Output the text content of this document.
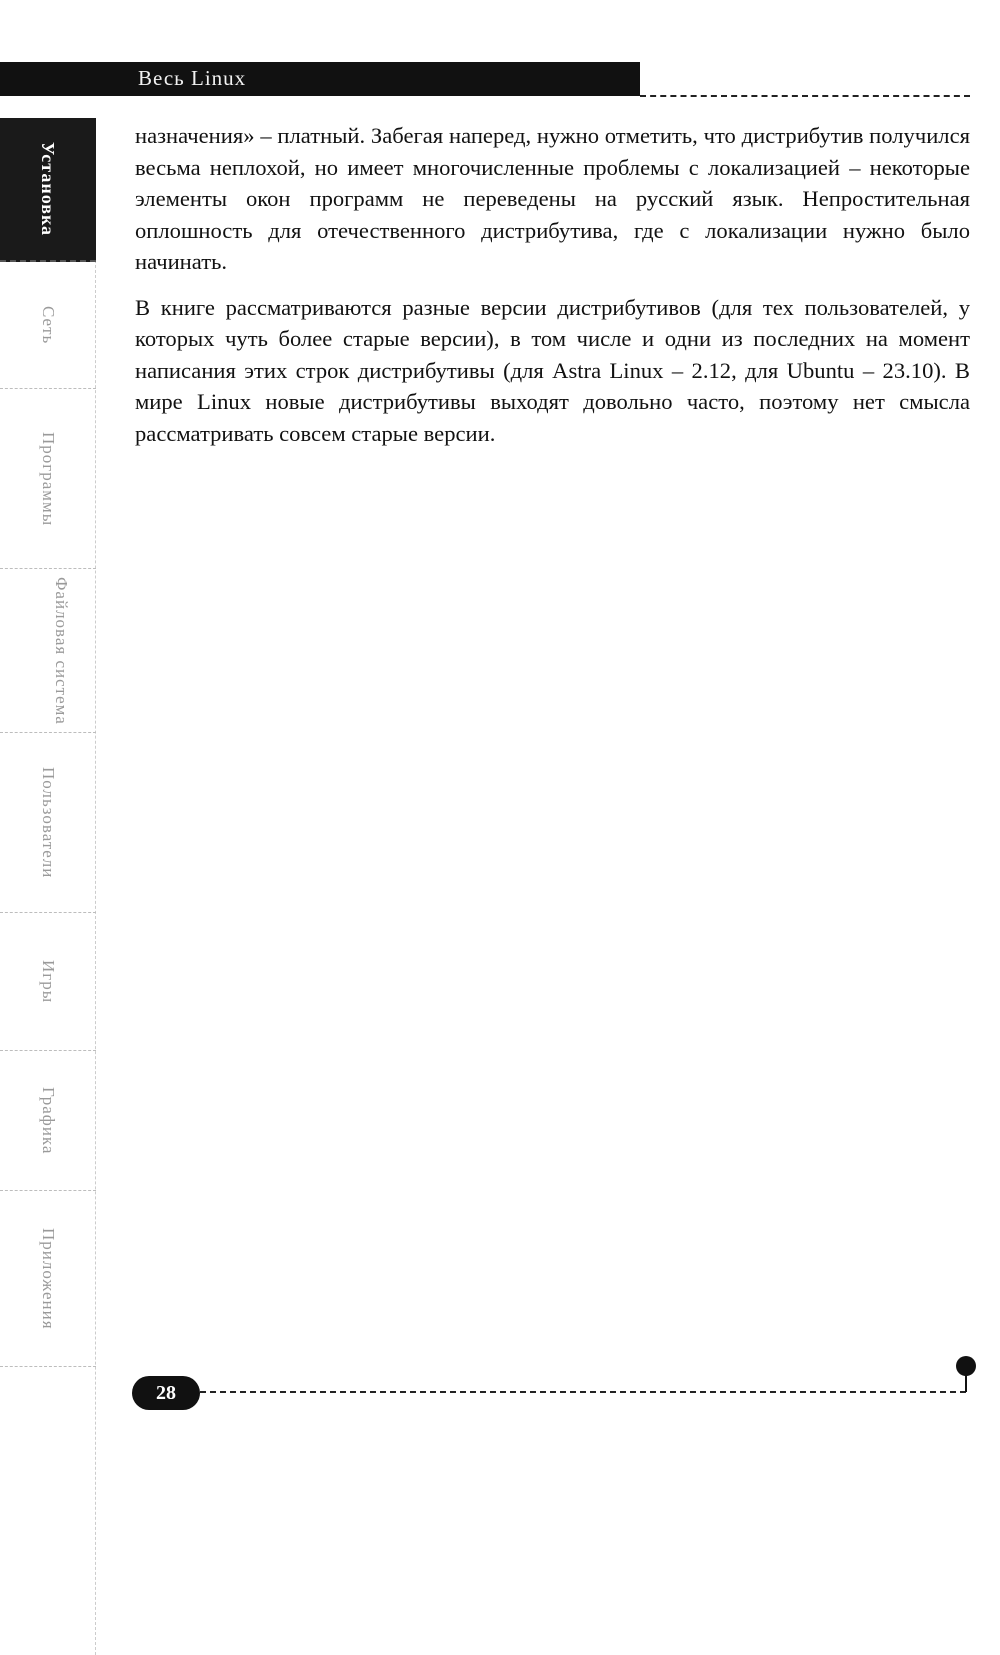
Весь Linux
Установка
Сеть
Программы
Файловая система
Пользователи
Игры
Графика
Приложения

назначения» – платный. Забегая наперед, нужно отметить, что дистрибутив получился весьма неплохой, но имеет многочисленные проблемы с локализацией – некоторые элементы окон программ не переведены на русский язык. Непростительная оплошность для отечественного дистрибутива, где с локализации нужно было начинать.

В книге рассматриваются разные версии дистрибутивов (для тех пользователей, у которых чуть более старые версии), в том числе и одни из последних на момент написания этих строк дистрибутивы (для Astra Linux – 2.12, для Ubuntu – 23.10). В мире Linux новые дистрибутивы выходят довольно часто, поэтому нет смысла рассматривать совсем старые версии.

28
